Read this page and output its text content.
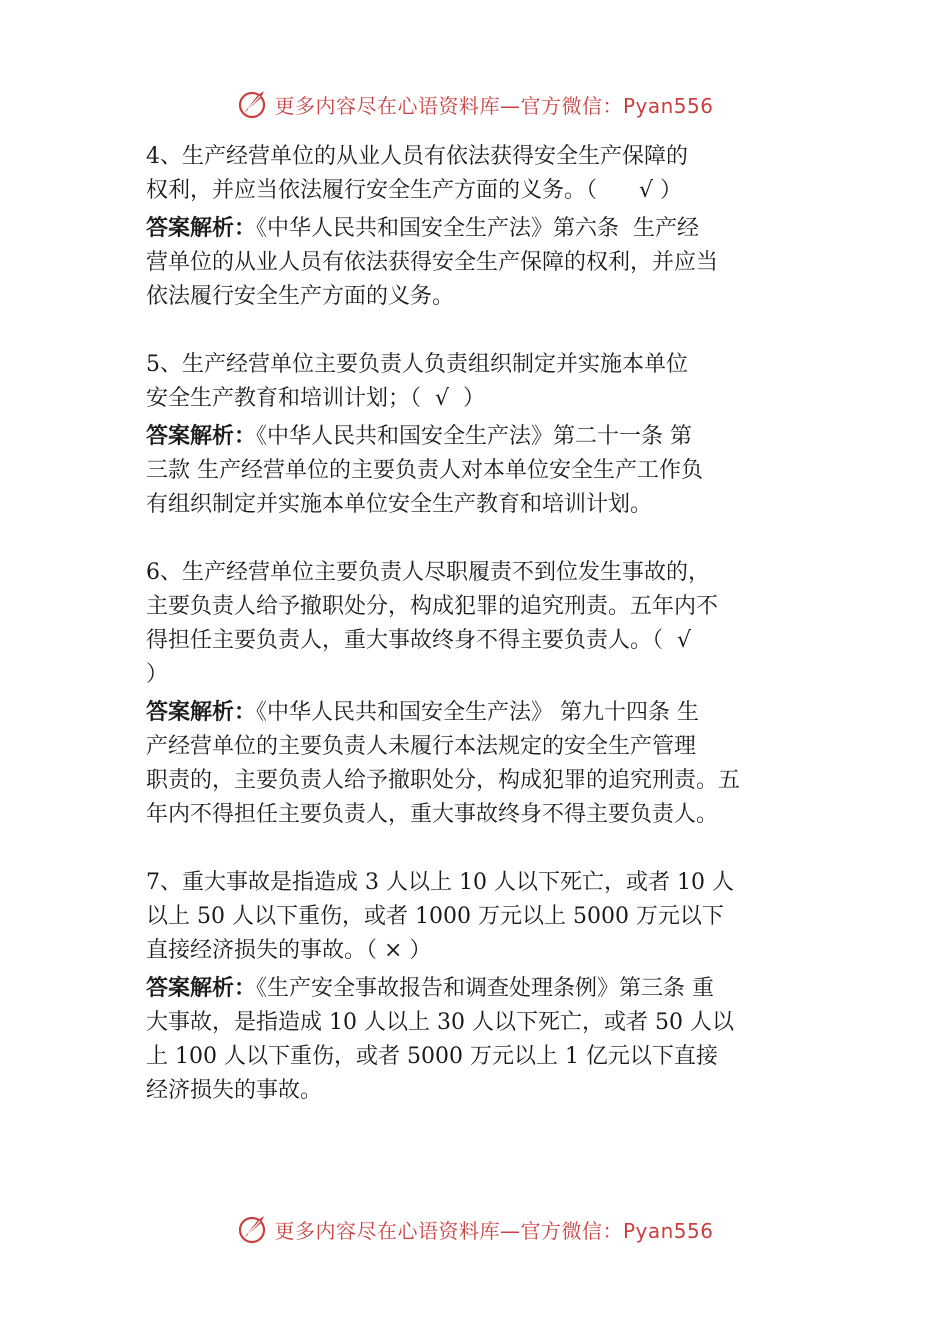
更多内容尽在心语资料库—官方微信：Pyan556
4、生产经营单位的从业人员有依法获得安全生产保障的
权利，并应当依法履行安全生产方面的义务。（      √ ）
答案解析：《中华人民共和国安全生产法》第六条  生产经
营单位的从业人员有依法获得安全生产保障的权利，并应当
依法履行安全生产方面的义务。
5、生产经营单位主要负责人负责组织制定并实施本单位
安全生产教育和培训计划；（  √  ）
答案解析：《中华人民共和国安全生产法》第二十一条 第
三款 生产经营单位的主要负责人对本单位安全生产工作负
有组织制定并实施本单位安全生产教育和培训计划。
6、生产经营单位主要负责人尽职履责不到位发生事故的，
主要负责人给予撤职处分，构成犯罪的追究刑责。五年内不
得担任主要负责人，重大事故终身不得主要负责人。（  √
）
答案解析：《中华人民共和国安全生产法》 第九十四条 生
产经营单位的主要负责人未履行本法规定的安全生产管理
职责的，主要负责人给予撤职处分，构成犯罪的追究刑责。五
年内不得担任主要负责人，重大事故终身不得主要负责人。
7、重大事故是指造成 3 人以上 10 人以下死亡，或者 10 人
以上 50 人以下重伤，或者 1000 万元以上 5000 万元以下
直接经济损失的事故。（ × ）
答案解析：《生产安全事故报告和调查处理条例》第三条 重
大事故，是指造成 10 人以上 30 人以下死亡，或者 50 人以
上 100 人以下重伤，或者 5000 万元以上 1 亿元以下直接
经济损失的事故。
更多内容尽在心语资料库—官方微信：Pyan556
